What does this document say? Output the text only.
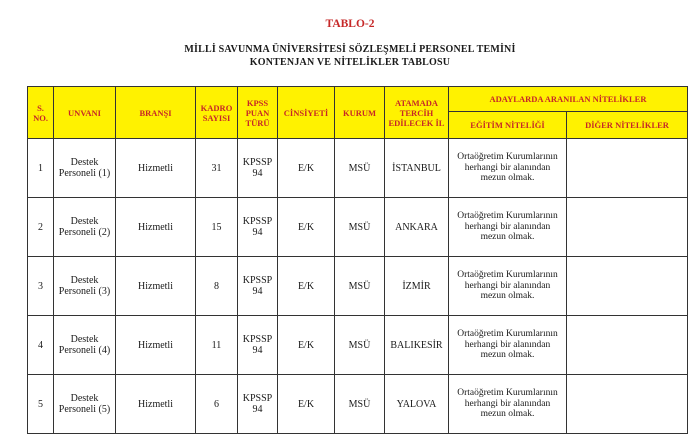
TABLO-2
MİLLİ SAVUNMA ÜNİVERSİTESİ SÖZLEŞMELİ PERSONEL TEMİNİ
KONTENJAN VE NİTELİKLER TABLOSU
S. NO.	UNVANI	BRANŞI	KADRO SAYISI	KPSS PUAN TÜRÜ	CİNSİYETİ	KURUM	ATAMADA TERCİH EDİLECEK İL	ADAYLARDA ARANILAN NİTELİKLER	
								EĞİTİM NİTELİĞİ	DİĞER NİTELİKLER
1	Destek Personeli (1)	Hizmetli	31	KPSSP 94	E/K	MSÜ	İSTANBUL	Ortaöğretim Kurumlarının herhangi bir alanından mezun olmak.	
2	Destek Personeli (2)	Hizmetli	15	KPSSP 94	E/K	MSÜ	ANKARA	Ortaöğretim Kurumlarının herhangi bir alanından mezun olmak.	
3	Destek Personeli (3)	Hizmetli	8	KPSSP 94	E/K	MSÜ	İZMİR	Ortaöğretim Kurumlarının herhangi bir alanından mezun olmak.	
4	Destek Personeli (4)	Hizmetli	11	KPSSP 94	E/K	MSÜ	BALIKESİR	Ortaöğretim Kurumlarının herhangi bir alanından mezun olmak.	
5	Destek Personeli (5)	Hizmetli	6	KPSSP 94	E/K	MSÜ	YALOVA	Ortaöğretim Kurumlarının herhangi bir alanından mezun olmak.	
